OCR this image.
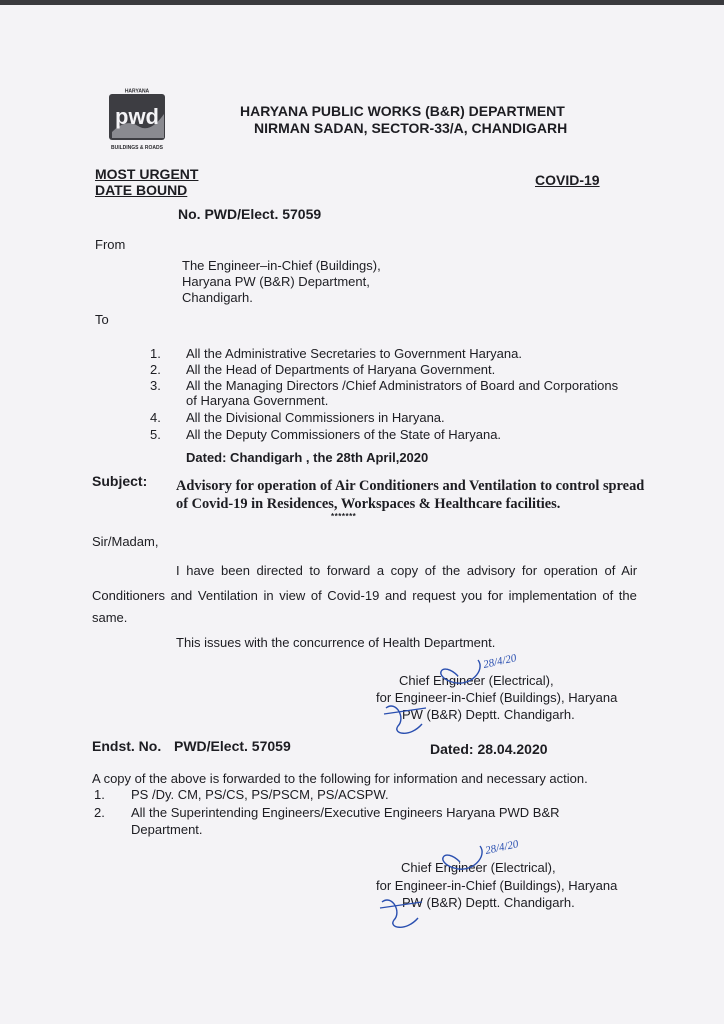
HARYANA
pwd
BUILDINGS & ROADS
HARYANA PUBLIC WORKS (B&R) DEPARTMENT
NIRMAN SADAN, SECTOR-33/A, CHANDIGARH
MOST URGENT
DATE BOUND
COVID-19
No. PWD/Elect. 57059
From
The Engineer–in-Chief (Buildings),
Haryana PW (B&R) Department,
Chandigarh.
To
1. All the Administrative Secretaries to Government Haryana.
2. All the Head of Departments of Haryana Government.
3. All the Managing Directors /Chief Administrators of Board and Corporations
of Haryana Government.
4. All the Divisional Commissioners in Haryana.
5. All the Deputy Commissioners of the State of Haryana.
Dated: Chandigarh , the 28th April,2020
Subject: Advisory for operation of Air Conditioners and Ventilation to control spread
of Covid-19 in Residences, Workspaces & Healthcare facilities.
*******
Sir/Madam,
I have been directed to forward a copy of the advisory for operation of Air
Conditioners and Ventilation in view of Covid-19 and request you for implementation of the
same.
This issues with the concurrence of Health Department.
Chief Engineer (Electrical),
for Engineer-in-Chief (Buildings), Haryana
PW (B&R) Deptt. Chandigarh.
28/4/20
Endst. No. PWD/Elect. 57059	Dated: 28.04.2020
A copy of the above is forwarded to the following for information and necessary action.
1. PS /Dy. CM, PS/CS, PS/PSCM, PS/ACSPW.
2. All the Superintending Engineers/Executive Engineers Haryana PWD B&R
Department.
Chief Engineer (Electrical),
for Engineer-in-Chief (Buildings), Haryana
PW (B&R) Deptt. Chandigarh.
28/4/20
